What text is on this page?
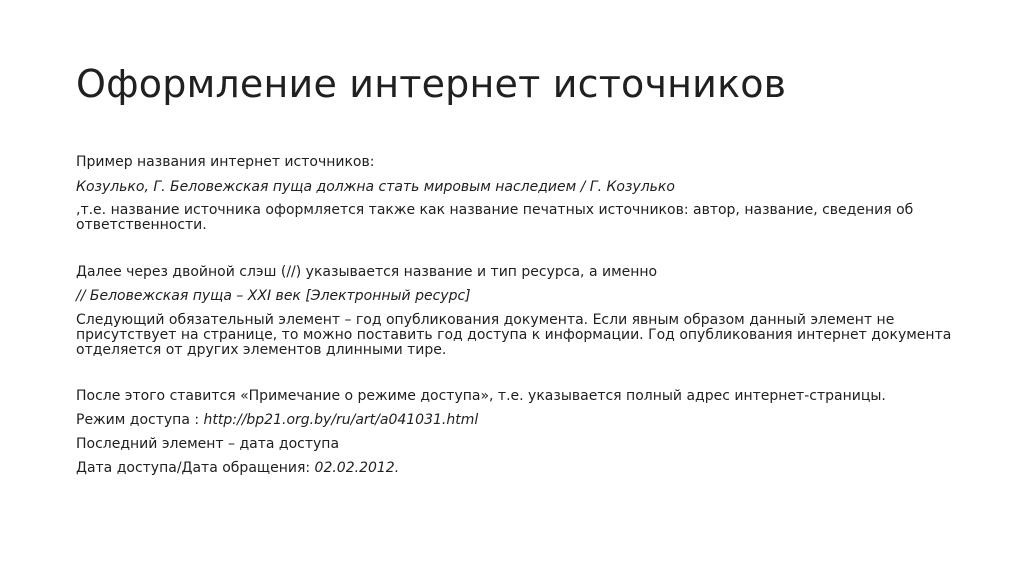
Оформление интернет источников

Пример названия интернет источников:

Козулько, Г. Беловежская пуща должна стать мировым наследием / Г. Козулько

,т.е. название источника оформляется также как название печатных источников: автор, название, сведения об ответственности.

Далее через двойной слэш (//) указывается название и тип ресурса, а именно

// Беловежская пуща – XXI век [Электронный ресурс]

Следующий обязательный элемент – год опубликования документа. Если явным образом данный элемент не присутствует на странице, то можно поставить год доступа к информации. Год опубликования интернет документа отделяется от других элементов длинными тире.

После этого ставится «Примечание о режиме доступа», т.е. указывается полный адрес интернет-страницы.

Режим доступа : http://bp21.org.by/ru/art/a041031.html

Последний элемент – дата доступа

Дата доступа/Дата обращения: 02.02.2012.
